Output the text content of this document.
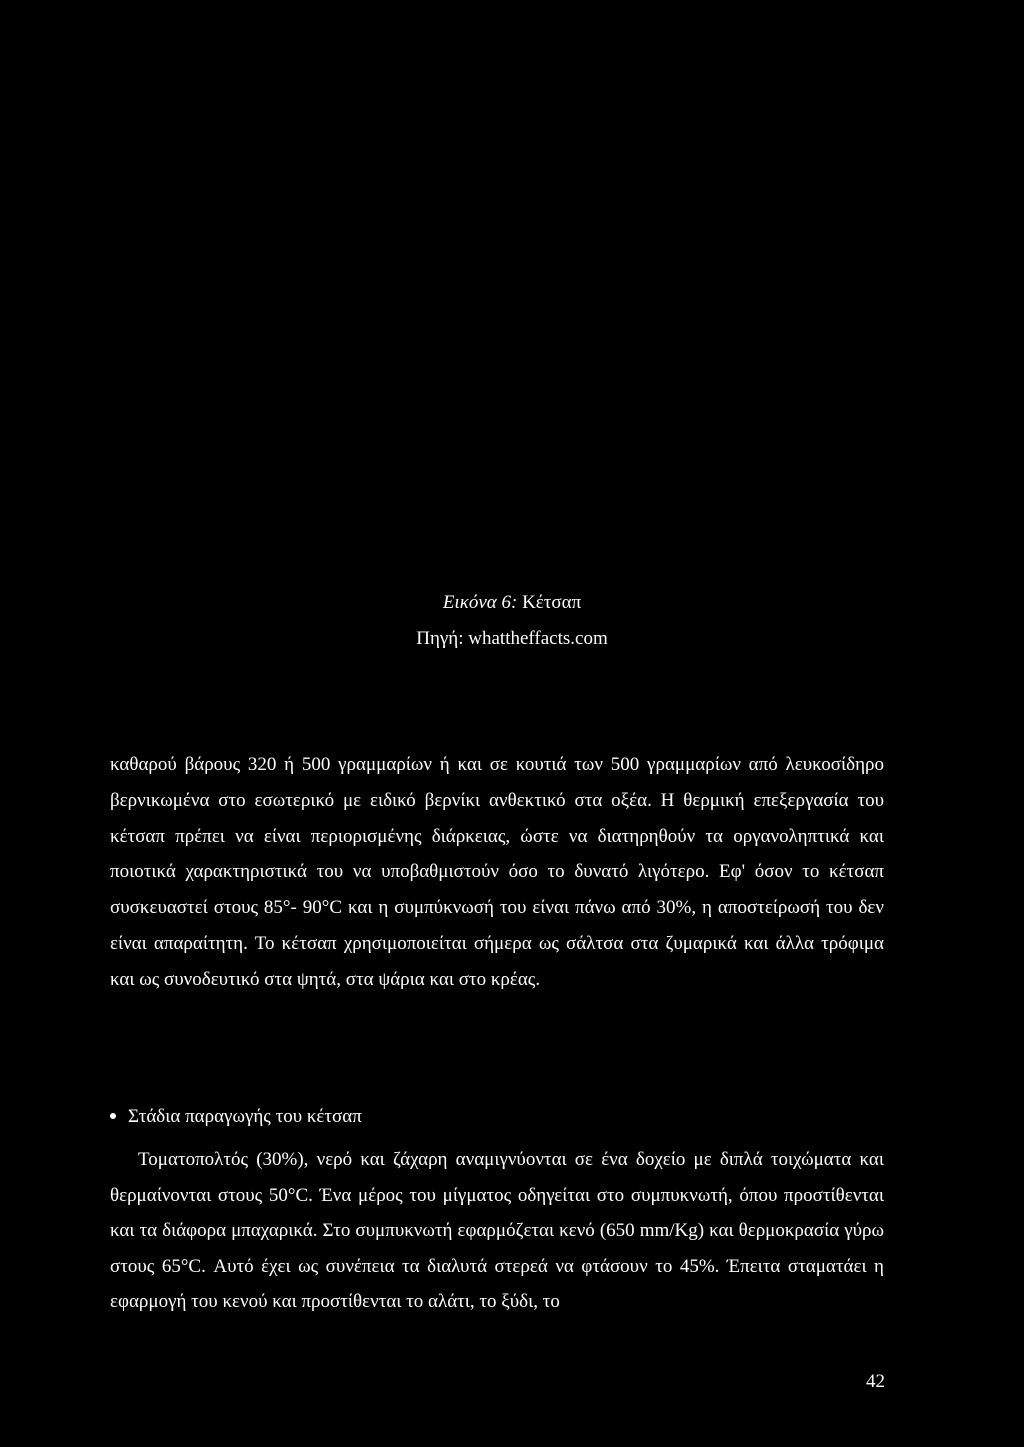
Εικόνα 6: Κέτσαπ
Πηγή: whattheffacts.com

καθαρού βάρους 320 ή 500 γραμμαρίων ή και σε κουτιά των 500 γραμμαρίων από λευκοσίδηρο βερνικωμένα στο εσωτερικό με ειδικό βερνίκι ανθεκτικό στα οξέα. Η θερμική επεξεργασία του κέτσαπ πρέπει να είναι περιορισμένης διάρκειας, ώστε να διατηρηθούν τα οργανοληπτικά και ποιοτικά χαρακτηριστικά του να υποβαθμιστούν όσο το δυνατό λιγότερο. Εφ' όσον το κέτσαπ συσκευαστεί στους 85°- 90°C και η συμπύκνωσή του είναι πάνω από 30%, η αποστείρωσή του δεν είναι απαραίτητη. Το κέτσαπ χρησιμοποιείται σήμερα ως σάλτσα στα ζυμαρικά και άλλα τρόφιμα και ως συνοδευτικό στα ψητά, στα ψάρια και στο κρέας.

Στάδια παραγωγής του κέτσαπ

Τοματοπολτός (30%), νερό και ζάχαρη αναμιγνύονται σε ένα δοχείο με διπλά τοιχώματα και θερμαίνονται στους 50°C. Ένα μέρος του μίγματος οδηγείται στο συμπυκνωτή, όπου προστίθενται και τα διάφορα μπαχαρικά. Στο συμπυκνωτή εφαρμόζεται κενό (650 mm/Kg) και θερμοκρασία γύρω στους 65°C. Αυτό έχει ως συνέπεια τα διαλυτά στερεά να φτάσουν το 45%. Έπειτα σταματάει η εφαρμογή του κενού και προστίθενται το αλάτι, το ξύδι, το

42
